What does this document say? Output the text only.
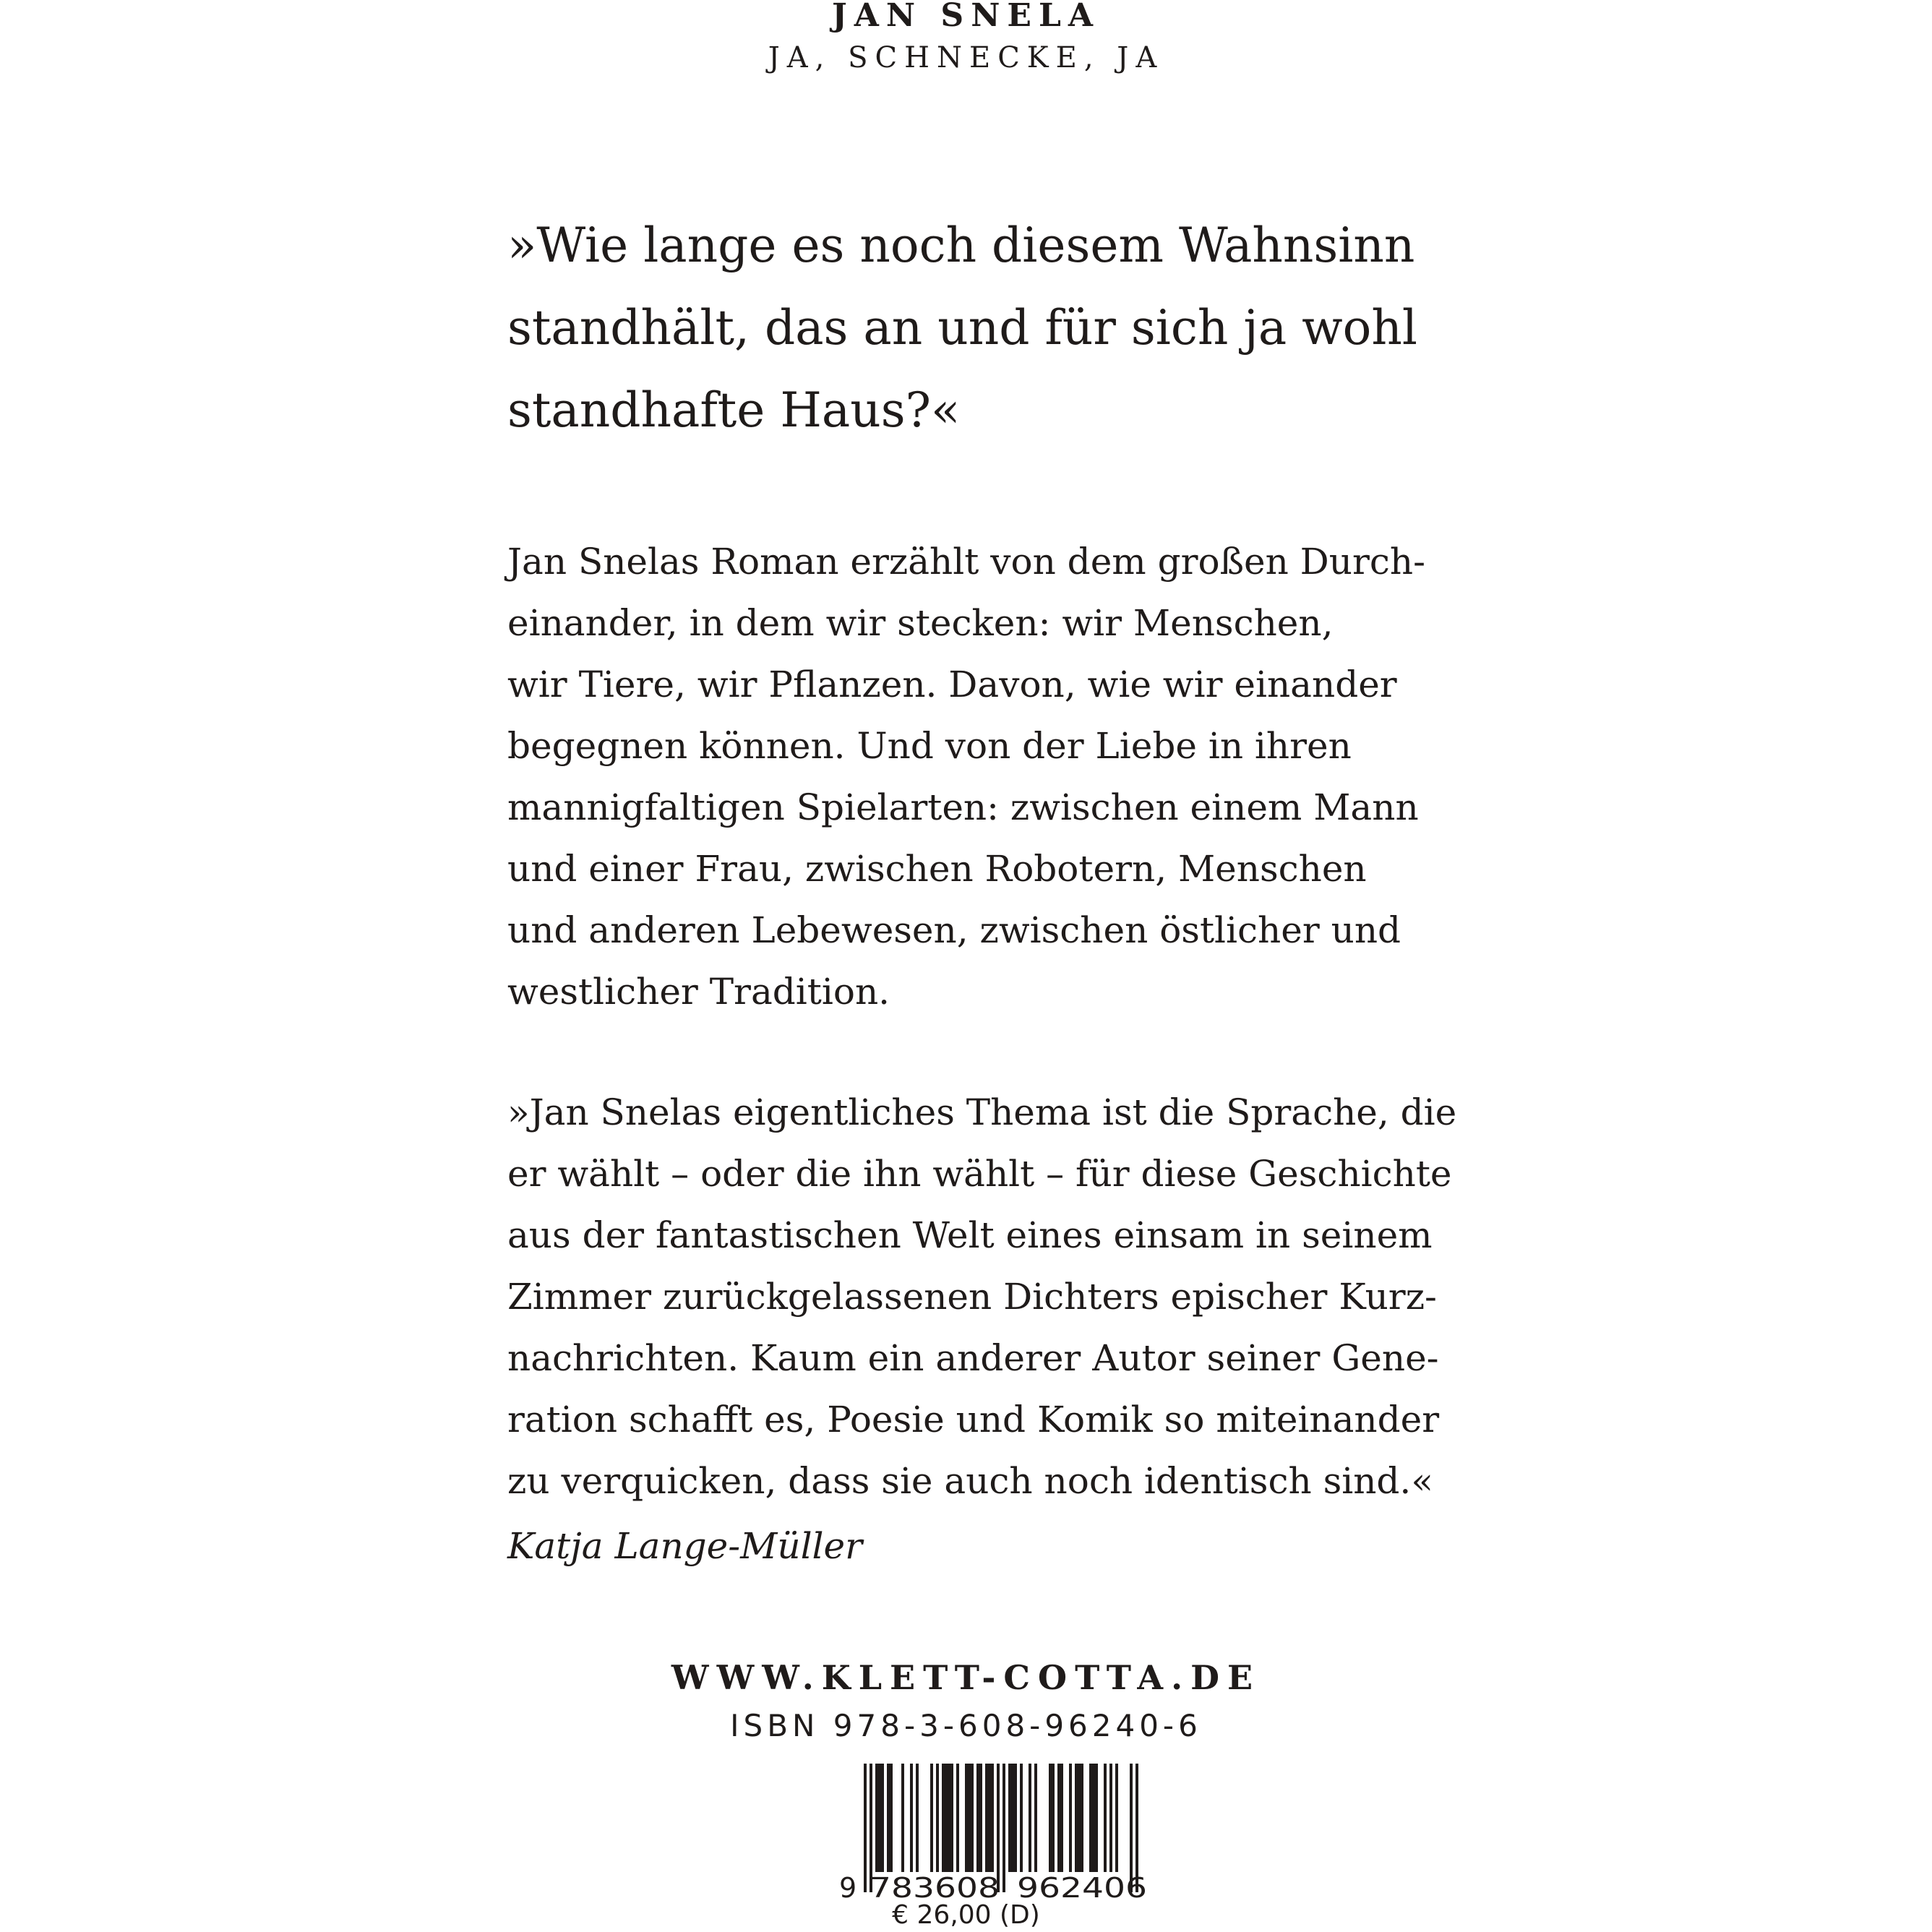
JAN SNELA
JA, SCHNECKE, JA
»Wie lange es noch diesem Wahnsinn
standhält, das an und für sich ja wohl
standhafte Haus?«
Jan Snelas Roman erzählt von dem großen Durch-
einander, in dem wir stecken: wir Menschen,
wir Tiere, wir Pflanzen. Davon, wie wir einander
begegnen können. Und von der Liebe in ihren
mannigfaltigen Spielarten: zwischen einem Mann
und einer Frau, zwischen Robotern, Menschen
und anderen Lebewesen, zwischen östlicher und
westlicher Tradition.
»Jan Snelas eigentliches Thema ist die Sprache, die
er wählt – oder die ihn wählt – für diese Geschichte
aus der fantastischen Welt eines einsam in seinem
Zimmer zurückgelassenen Dichters epischer Kurz-
nachrichten. Kaum ein anderer Autor seiner Gene-
ration schafft es, Poesie und Komik so miteinander
zu verquicken, dass sie auch noch identisch sind.«
Katja Lange-Müller
WWW.KLETT-COTTA.DE
ISBN 978-3-608-96240-6
9 783608 962406
€ 26,00 (D)
